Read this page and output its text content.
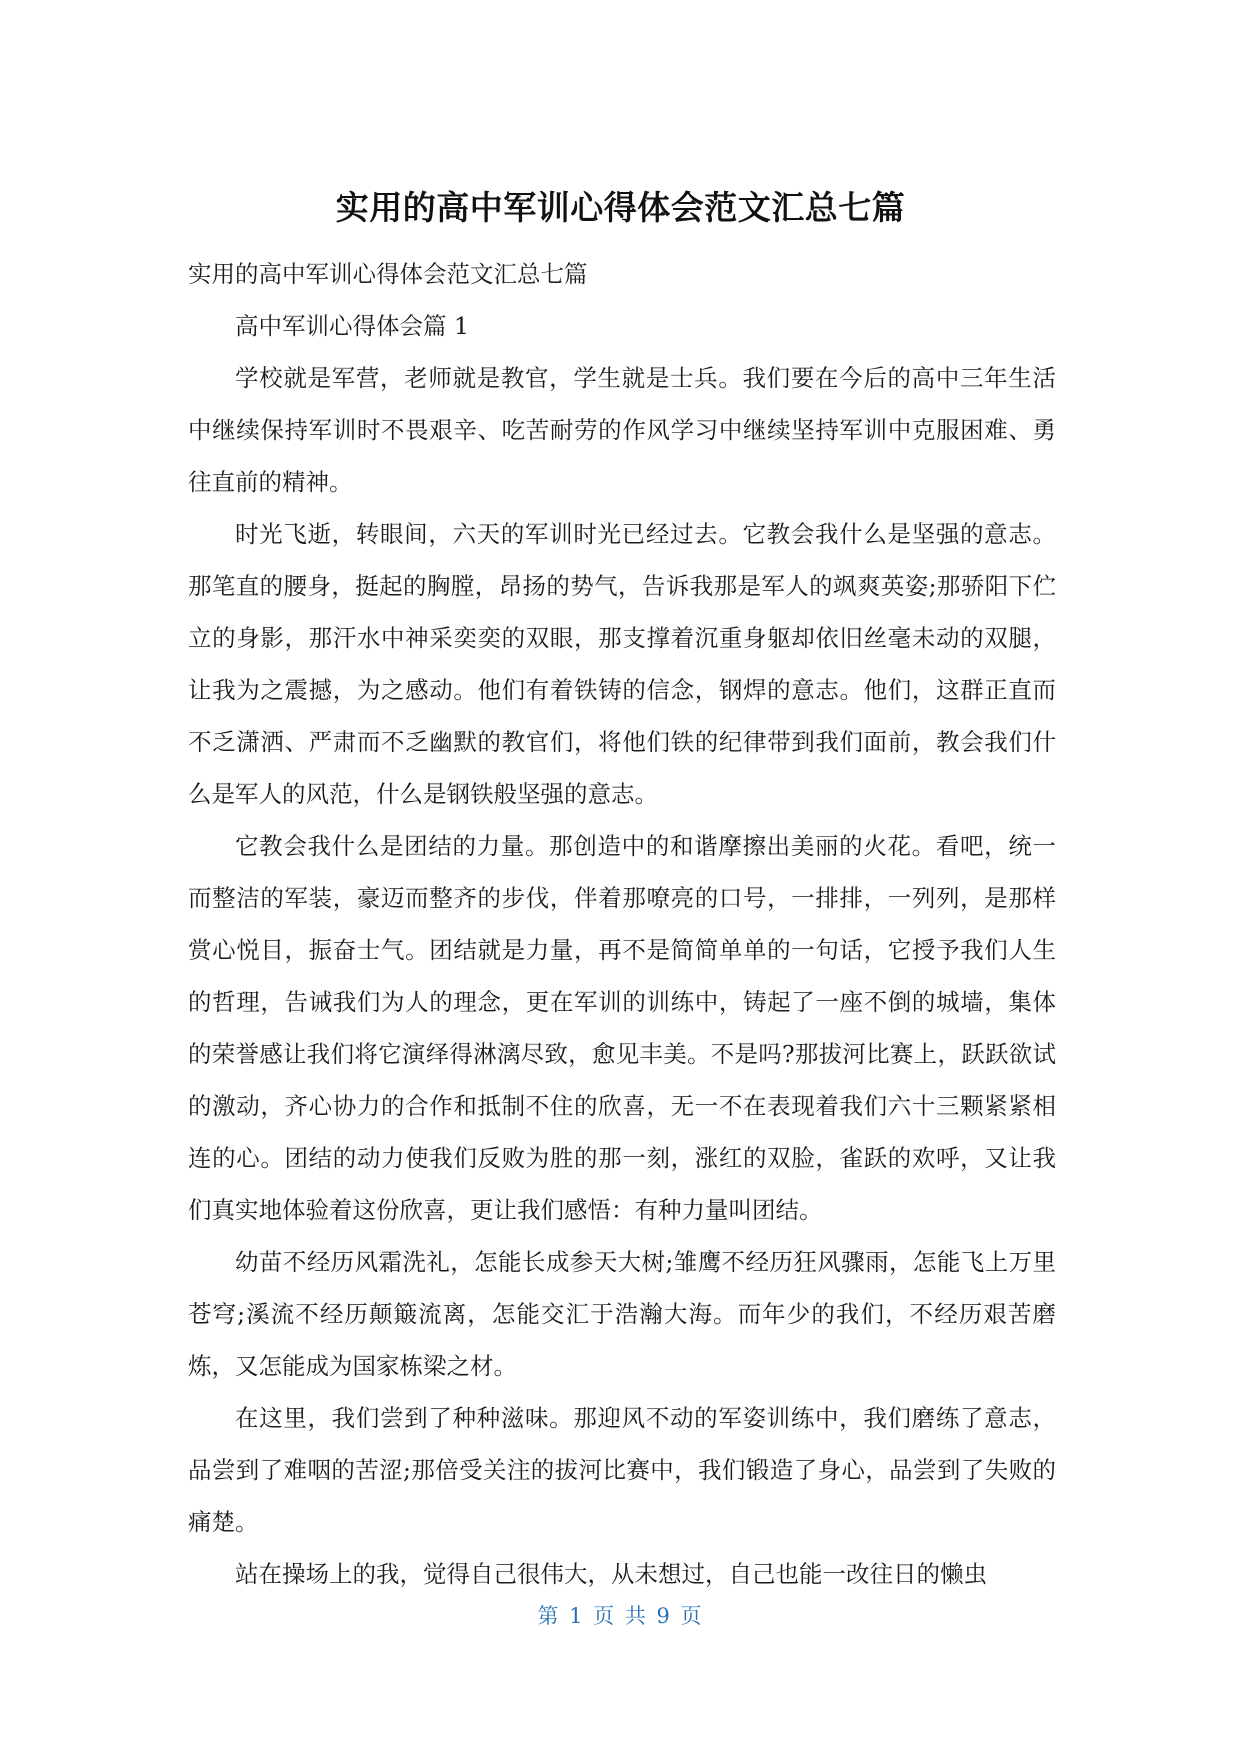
实用的高中军训心得体会范文汇总七篇

实用的高中军训心得体会范文汇总七篇

高中军训心得体会篇 1

学校就是军营，老师就是教官，学生就是士兵。我们要在今后的高中三年生活中继续保持军训时不畏艰辛、吃苦耐劳的作风学习中继续坚持军训中克服困难、勇往直前的精神。

时光飞逝，转眼间，六天的军训时光已经过去。它教会我什么是坚强的意志。那笔直的腰身，挺起的胸膛，昂扬的势气，告诉我那是军人的飒爽英姿;那骄阳下伫立的身影，那汗水中神采奕奕的双眼，那支撑着沉重身躯却依旧丝毫未动的双腿，让我为之震撼，为之感动。他们有着铁铸的信念，钢焊的意志。他们，这群正直而不乏潇洒、严肃而不乏幽默的教官们，将他们铁的纪律带到我们面前，教会我们什么是军人的风范，什么是钢铁般坚强的意志。

它教会我什么是团结的力量。那创造中的和谐摩擦出美丽的火花。看吧，统一而整洁的军装，豪迈而整齐的步伐，伴着那嘹亮的口号，一排排，一列列，是那样赏心悦目，振奋士气。团结就是力量，再不是简简单单的一句话，它授予我们人生的哲理，告诫我们为人的理念，更在军训的训练中，铸起了一座不倒的城墙，集体的荣誉感让我们将它演绎得淋漓尽致，愈见丰美。不是吗?那拔河比赛上，跃跃欲试的激动，齐心协力的合作和抵制不住的欣喜，无一不在表现着我们六十三颗紧紧相连的心。团结的动力使我们反败为胜的那一刻，涨红的双脸，雀跃的欢呼，又让我们真实地体验着这份欣喜，更让我们感悟：有种力量叫团结。

幼苗不经历风霜洗礼，怎能长成参天大树;雏鹰不经历狂风骤雨，怎能飞上万里苍穹;溪流不经历颠簸流离，怎能交汇于浩瀚大海。而年少的我们，不经历艰苦磨炼，又怎能成为国家栋梁之材。

在这里，我们尝到了种种滋味。那迎风不动的军姿训练中，我们磨练了意志，品尝到了难咽的苦涩;那倍受关注的拔河比赛中，我们锻造了身心，品尝到了失败的痛楚。

站在操场上的我，觉得自己很伟大，从未想过，自己也能一改往日的懒虫

第 1 页 共 9 页
